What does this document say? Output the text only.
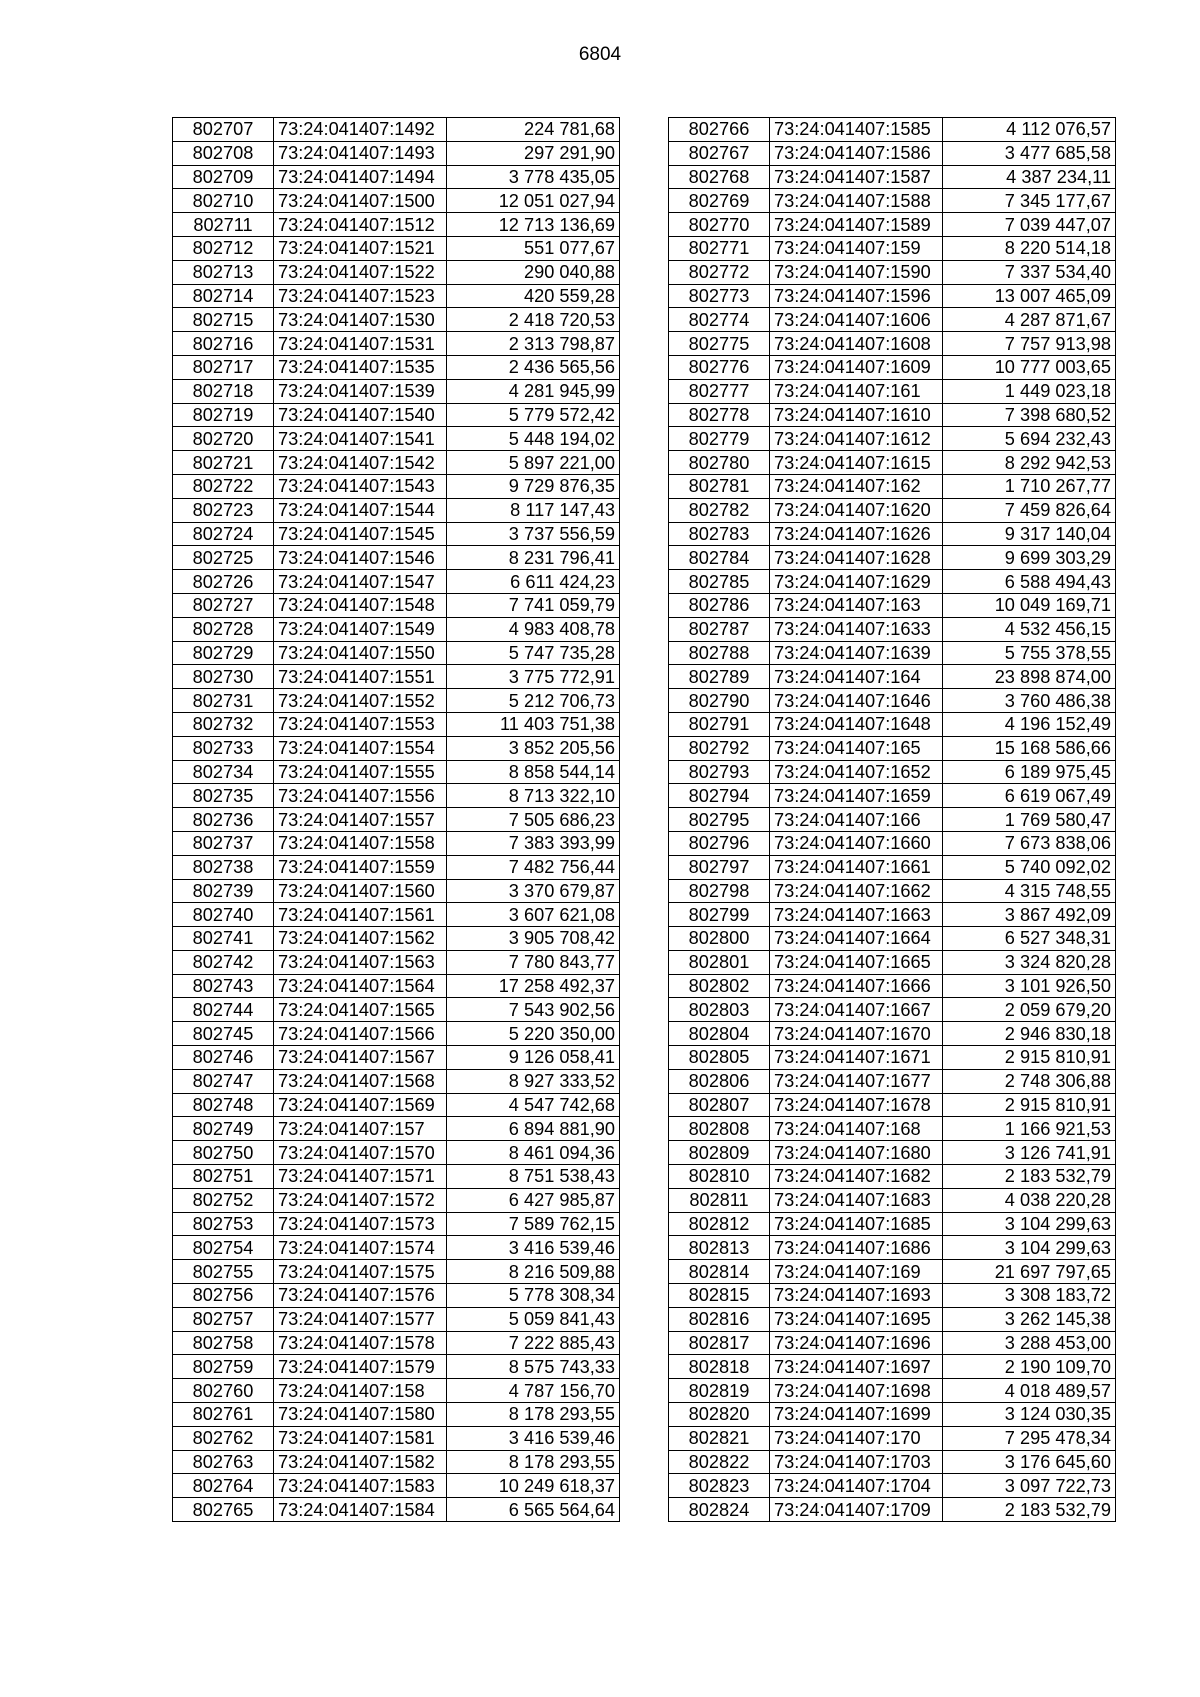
6804
802707	73:24:041407:1492	224 781,68
802708	73:24:041407:1493	297 291,90
802709	73:24:041407:1494	3 778 435,05
802710	73:24:041407:1500	12 051 027,94
802711	73:24:041407:1512	12 713 136,69
802712	73:24:041407:1521	551 077,67
802713	73:24:041407:1522	290 040,88
802714	73:24:041407:1523	420 559,28
802715	73:24:041407:1530	2 418 720,53
802716	73:24:041407:1531	2 313 798,87
802717	73:24:041407:1535	2 436 565,56
802718	73:24:041407:1539	4 281 945,99
802719	73:24:041407:1540	5 779 572,42
802720	73:24:041407:1541	5 448 194,02
802721	73:24:041407:1542	5 897 221,00
802722	73:24:041407:1543	9 729 876,35
802723	73:24:041407:1544	8 117 147,43
802724	73:24:041407:1545	3 737 556,59
802725	73:24:041407:1546	8 231 796,41
802726	73:24:041407:1547	6 611 424,23
802727	73:24:041407:1548	7 741 059,79
802728	73:24:041407:1549	4 983 408,78
802729	73:24:041407:1550	5 747 735,28
802730	73:24:041407:1551	3 775 772,91
802731	73:24:041407:1552	5 212 706,73
802732	73:24:041407:1553	11 403 751,38
802733	73:24:041407:1554	3 852 205,56
802734	73:24:041407:1555	8 858 544,14
802735	73:24:041407:1556	8 713 322,10
802736	73:24:041407:1557	7 505 686,23
802737	73:24:041407:1558	7 383 393,99
802738	73:24:041407:1559	7 482 756,44
802739	73:24:041407:1560	3 370 679,87
802740	73:24:041407:1561	3 607 621,08
802741	73:24:041407:1562	3 905 708,42
802742	73:24:041407:1563	7 780 843,77
802743	73:24:041407:1564	17 258 492,37
802744	73:24:041407:1565	7 543 902,56
802745	73:24:041407:1566	5 220 350,00
802746	73:24:041407:1567	9 126 058,41
802747	73:24:041407:1568	8 927 333,52
802748	73:24:041407:1569	4 547 742,68
802749	73:24:041407:157	6 894 881,90
802750	73:24:041407:1570	8 461 094,36
802751	73:24:041407:1571	8 751 538,43
802752	73:24:041407:1572	6 427 985,87
802753	73:24:041407:1573	7 589 762,15
802754	73:24:041407:1574	3 416 539,46
802755	73:24:041407:1575	8 216 509,88
802756	73:24:041407:1576	5 778 308,34
802757	73:24:041407:1577	5 059 841,43
802758	73:24:041407:1578	7 222 885,43
802759	73:24:041407:1579	8 575 743,33
802760	73:24:041407:158	4 787 156,70
802761	73:24:041407:1580	8 178 293,55
802762	73:24:041407:1581	3 416 539,46
802763	73:24:041407:1582	8 178 293,55
802764	73:24:041407:1583	10 249 618,37
802765	73:24:041407:1584	6 565 564,64
802766	73:24:041407:1585	4 112 076,57
802767	73:24:041407:1586	3 477 685,58
802768	73:24:041407:1587	4 387 234,11
802769	73:24:041407:1588	7 345 177,67
802770	73:24:041407:1589	7 039 447,07
802771	73:24:041407:159	8 220 514,18
802772	73:24:041407:1590	7 337 534,40
802773	73:24:041407:1596	13 007 465,09
802774	73:24:041407:1606	4 287 871,67
802775	73:24:041407:1608	7 757 913,98
802776	73:24:041407:1609	10 777 003,65
802777	73:24:041407:161	1 449 023,18
802778	73:24:041407:1610	7 398 680,52
802779	73:24:041407:1612	5 694 232,43
802780	73:24:041407:1615	8 292 942,53
802781	73:24:041407:162	1 710 267,77
802782	73:24:041407:1620	7 459 826,64
802783	73:24:041407:1626	9 317 140,04
802784	73:24:041407:1628	9 699 303,29
802785	73:24:041407:1629	6 588 494,43
802786	73:24:041407:163	10 049 169,71
802787	73:24:041407:1633	4 532 456,15
802788	73:24:041407:1639	5 755 378,55
802789	73:24:041407:164	23 898 874,00
802790	73:24:041407:1646	3 760 486,38
802791	73:24:041407:1648	4 196 152,49
802792	73:24:041407:165	15 168 586,66
802793	73:24:041407:1652	6 189 975,45
802794	73:24:041407:1659	6 619 067,49
802795	73:24:041407:166	1 769 580,47
802796	73:24:041407:1660	7 673 838,06
802797	73:24:041407:1661	5 740 092,02
802798	73:24:041407:1662	4 315 748,55
802799	73:24:041407:1663	3 867 492,09
802800	73:24:041407:1664	6 527 348,31
802801	73:24:041407:1665	3 324 820,28
802802	73:24:041407:1666	3 101 926,50
802803	73:24:041407:1667	2 059 679,20
802804	73:24:041407:1670	2 946 830,18
802805	73:24:041407:1671	2 915 810,91
802806	73:24:041407:1677	2 748 306,88
802807	73:24:041407:1678	2 915 810,91
802808	73:24:041407:168	1 166 921,53
802809	73:24:041407:1680	3 126 741,91
802810	73:24:041407:1682	2 183 532,79
802811	73:24:041407:1683	4 038 220,28
802812	73:24:041407:1685	3 104 299,63
802813	73:24:041407:1686	3 104 299,63
802814	73:24:041407:169	21 697 797,65
802815	73:24:041407:1693	3 308 183,72
802816	73:24:041407:1695	3 262 145,38
802817	73:24:041407:1696	3 288 453,00
802818	73:24:041407:1697	2 190 109,70
802819	73:24:041407:1698	4 018 489,57
802820	73:24:041407:1699	3 124 030,35
802821	73:24:041407:170	7 295 478,34
802822	73:24:041407:1703	3 176 645,60
802823	73:24:041407:1704	3 097 722,73
802824	73:24:041407:1709	2 183 532,79
